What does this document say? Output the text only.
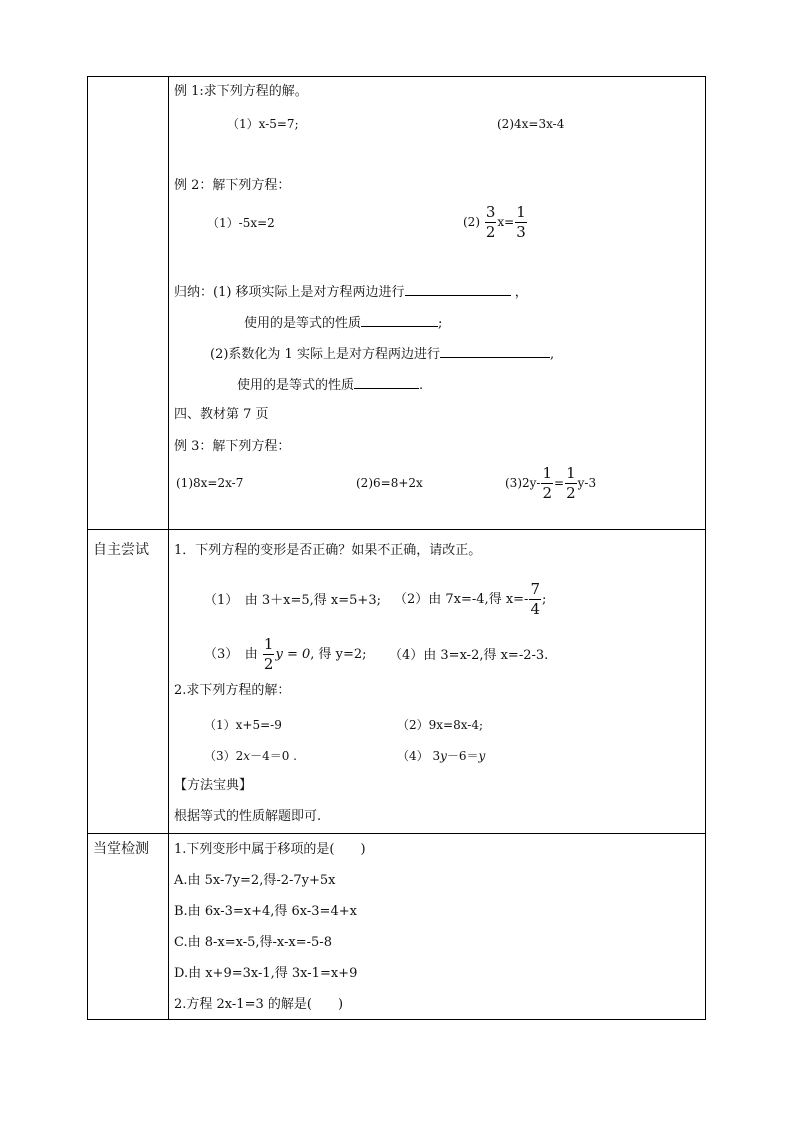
例 1:求下列方程的解。
（1）x-5=7;	(2)4x=3x-4
例 2：解下列方程：
（1）-5x=2	$(2) \frac{3}{2} x= \frac{1}{3}$
归纳：(1) 移项实际上是对方程两边进行	，
使用的是等式的性质	;
(2)系数化为 1 实际上是对方程两边进行	,
使用的是等式的性质	.
四、教材第 7 页
例 3：解下列方程：
(1)8x=2x-7	(2)6=8+2x	$(3)2y- \frac{1}{2} = \frac{1}{2} y-3$
自主尝试 1．下列方程的变形是否正确？如果不正确，请改正。
（1）　由 3＋x=5,得 x=5+3; （2）由 7x=-4,得 $x=- \frac{7}{4}$ ;
（3）　由 $\frac{1}{2}$ y = 0, 得 y=2; （4）由 3=x-2,得 x=-2-3.
2.求下列方程的解：
（1）x+5=-9	（2）9x=8x-4;
（3）2x－4＝0 .	（4） 3y－6＝y
【方法宝典】
根据等式的性质解题即可.
当堂检测 1.下列变形中属于移项的是(　　)
A.由 5x-7y=2,得-2-7y+5x
B.由 6x-3=x+4,得 6x-3=4+x
C.由 8-x=x-5,得-x-x=-5-8
D.由 x+9=3x-1,得 3x-1=x+9
2.方程 2x-1=3 的解是(　　)
